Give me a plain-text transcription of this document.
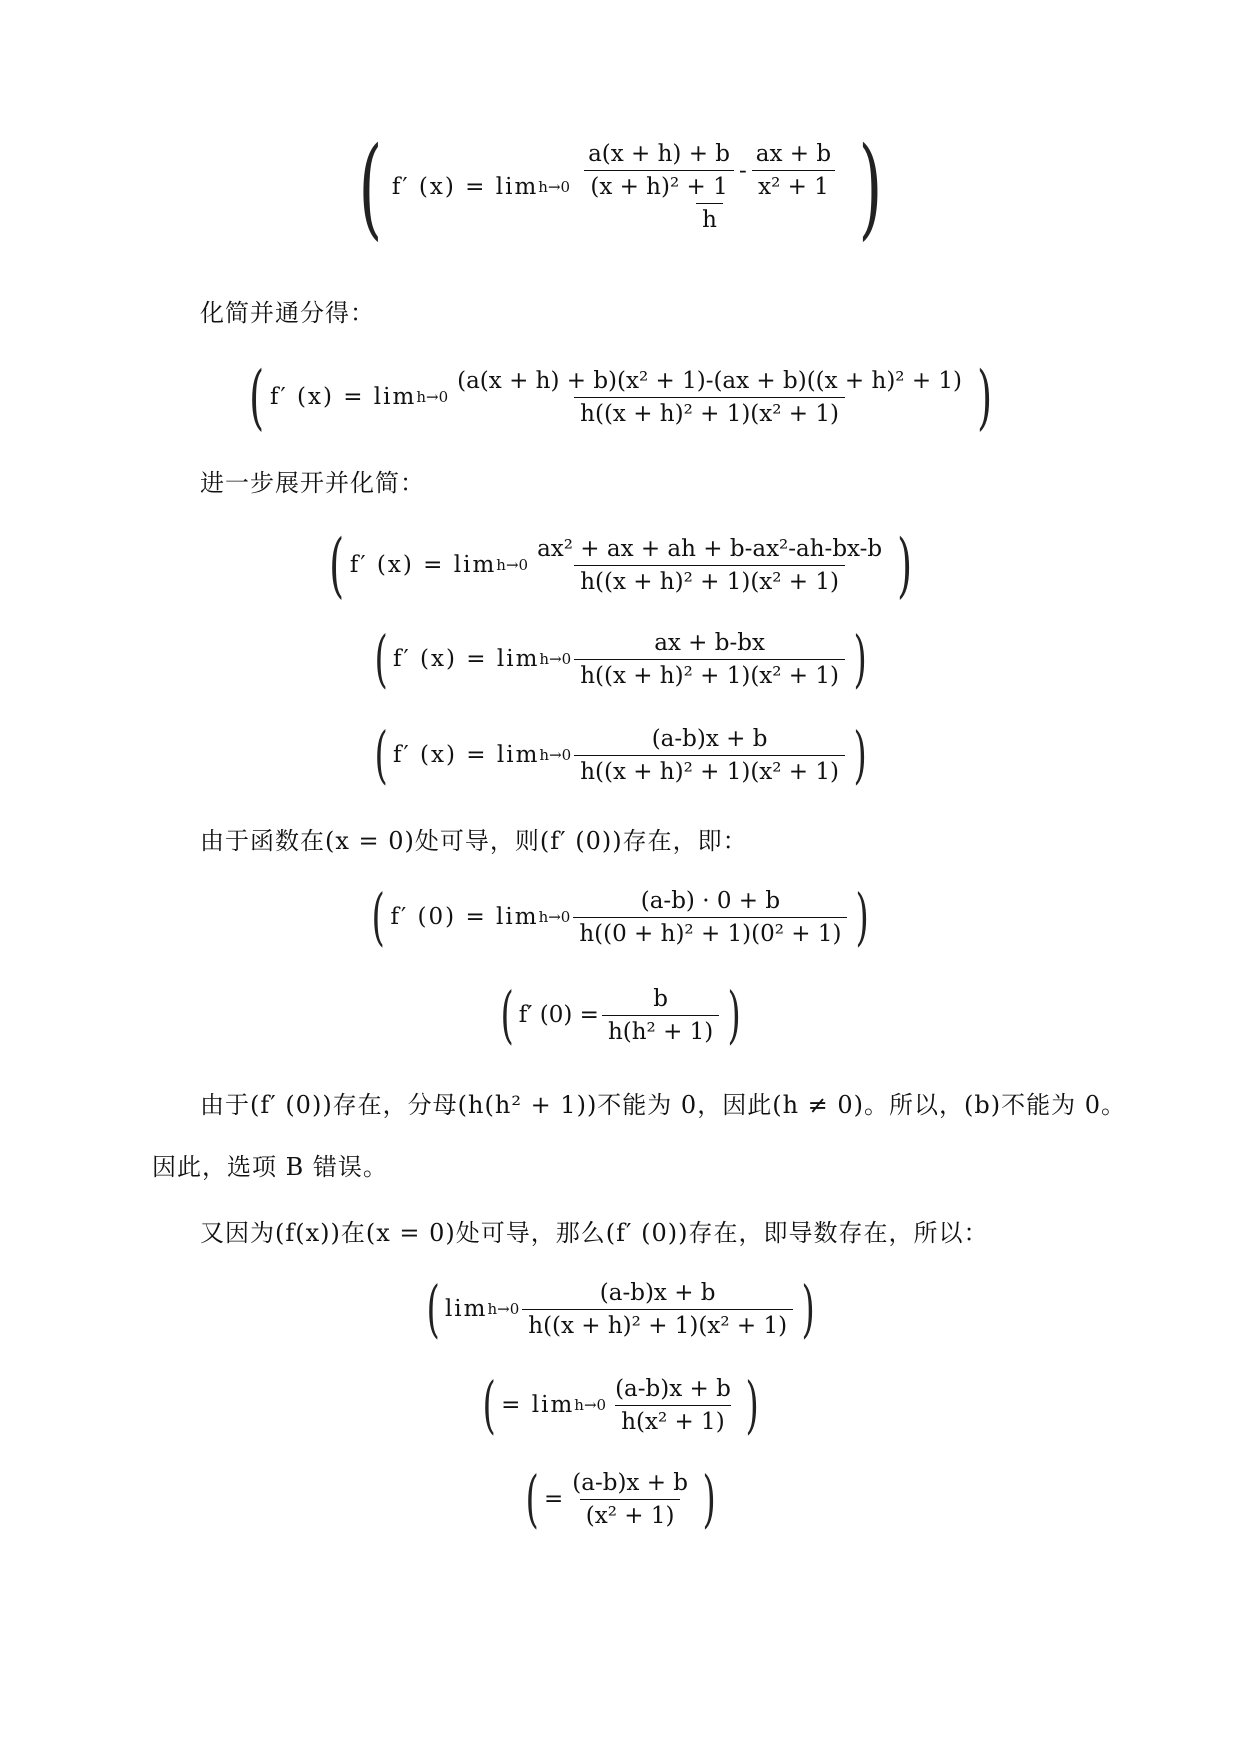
( f′ $(x) = \lim h\to 0 \frac{a(x + h) + b}{\text{(x + h)² + 1}} - \frac{ax + b}{\text{x² + 1}}$
h )
化简并通分得：
( f′ $(x) = \lim h\to 0 \frac{\text{(a(x + h) + b)(x² + 1)-(ax + b)((x + h)² + 1)}}{\text{h((x + h)² + 1)(x² + 1)}}$ )
进一步展开并化简：
( f′ $(x) = \lim h\to 0 \frac{\text{ax² + ax + ah + b-ax²-ah-bx-b}}{\text{h((x + h)² + 1)(x² + 1)}}$ )
( f′ $(x) = \lim h\to 0 \frac{ax + b-bx}{\text{h((x + h)² + 1)(x² + 1)}}$ )
( f′ $(x) = \lim h\to 0 \frac{(a-b)x + b}{\text{h((x + h)² + 1)(x² + 1)}}$ )
由于函数在(x = 0)处可导，则(f′ (0))存在，即：
( f′ $(0) = \lim h\to 0 \frac{(a-b) \cdot 0 + b}{\text{h((0 + h)² + 1)(0² + 1)}}$ )
( f′ $(0) = \frac{b}{\text{h(h² + 1)}}$ )
由于(f′ (0))存在，分母(h(h² + 1))不能为 0，因此(h ≠ 0)。所以，(b)不能为 0。
因此，选项 B 错误。
又因为(f(x))在(x = 0)处可导，那么(f′ (0))存在，即导数存在，所以：
( $\lim h\to 0 \frac{(a-b)x + b}{\text{h((x + h)² + 1)(x² + 1)}}$ )
( = $\lim h\to 0 \frac{(a-b)x + b}{\text{h(x² + 1)}}$ )
( = $\frac{(a-b)x + b}{\text{(x² + 1)}}$ )
